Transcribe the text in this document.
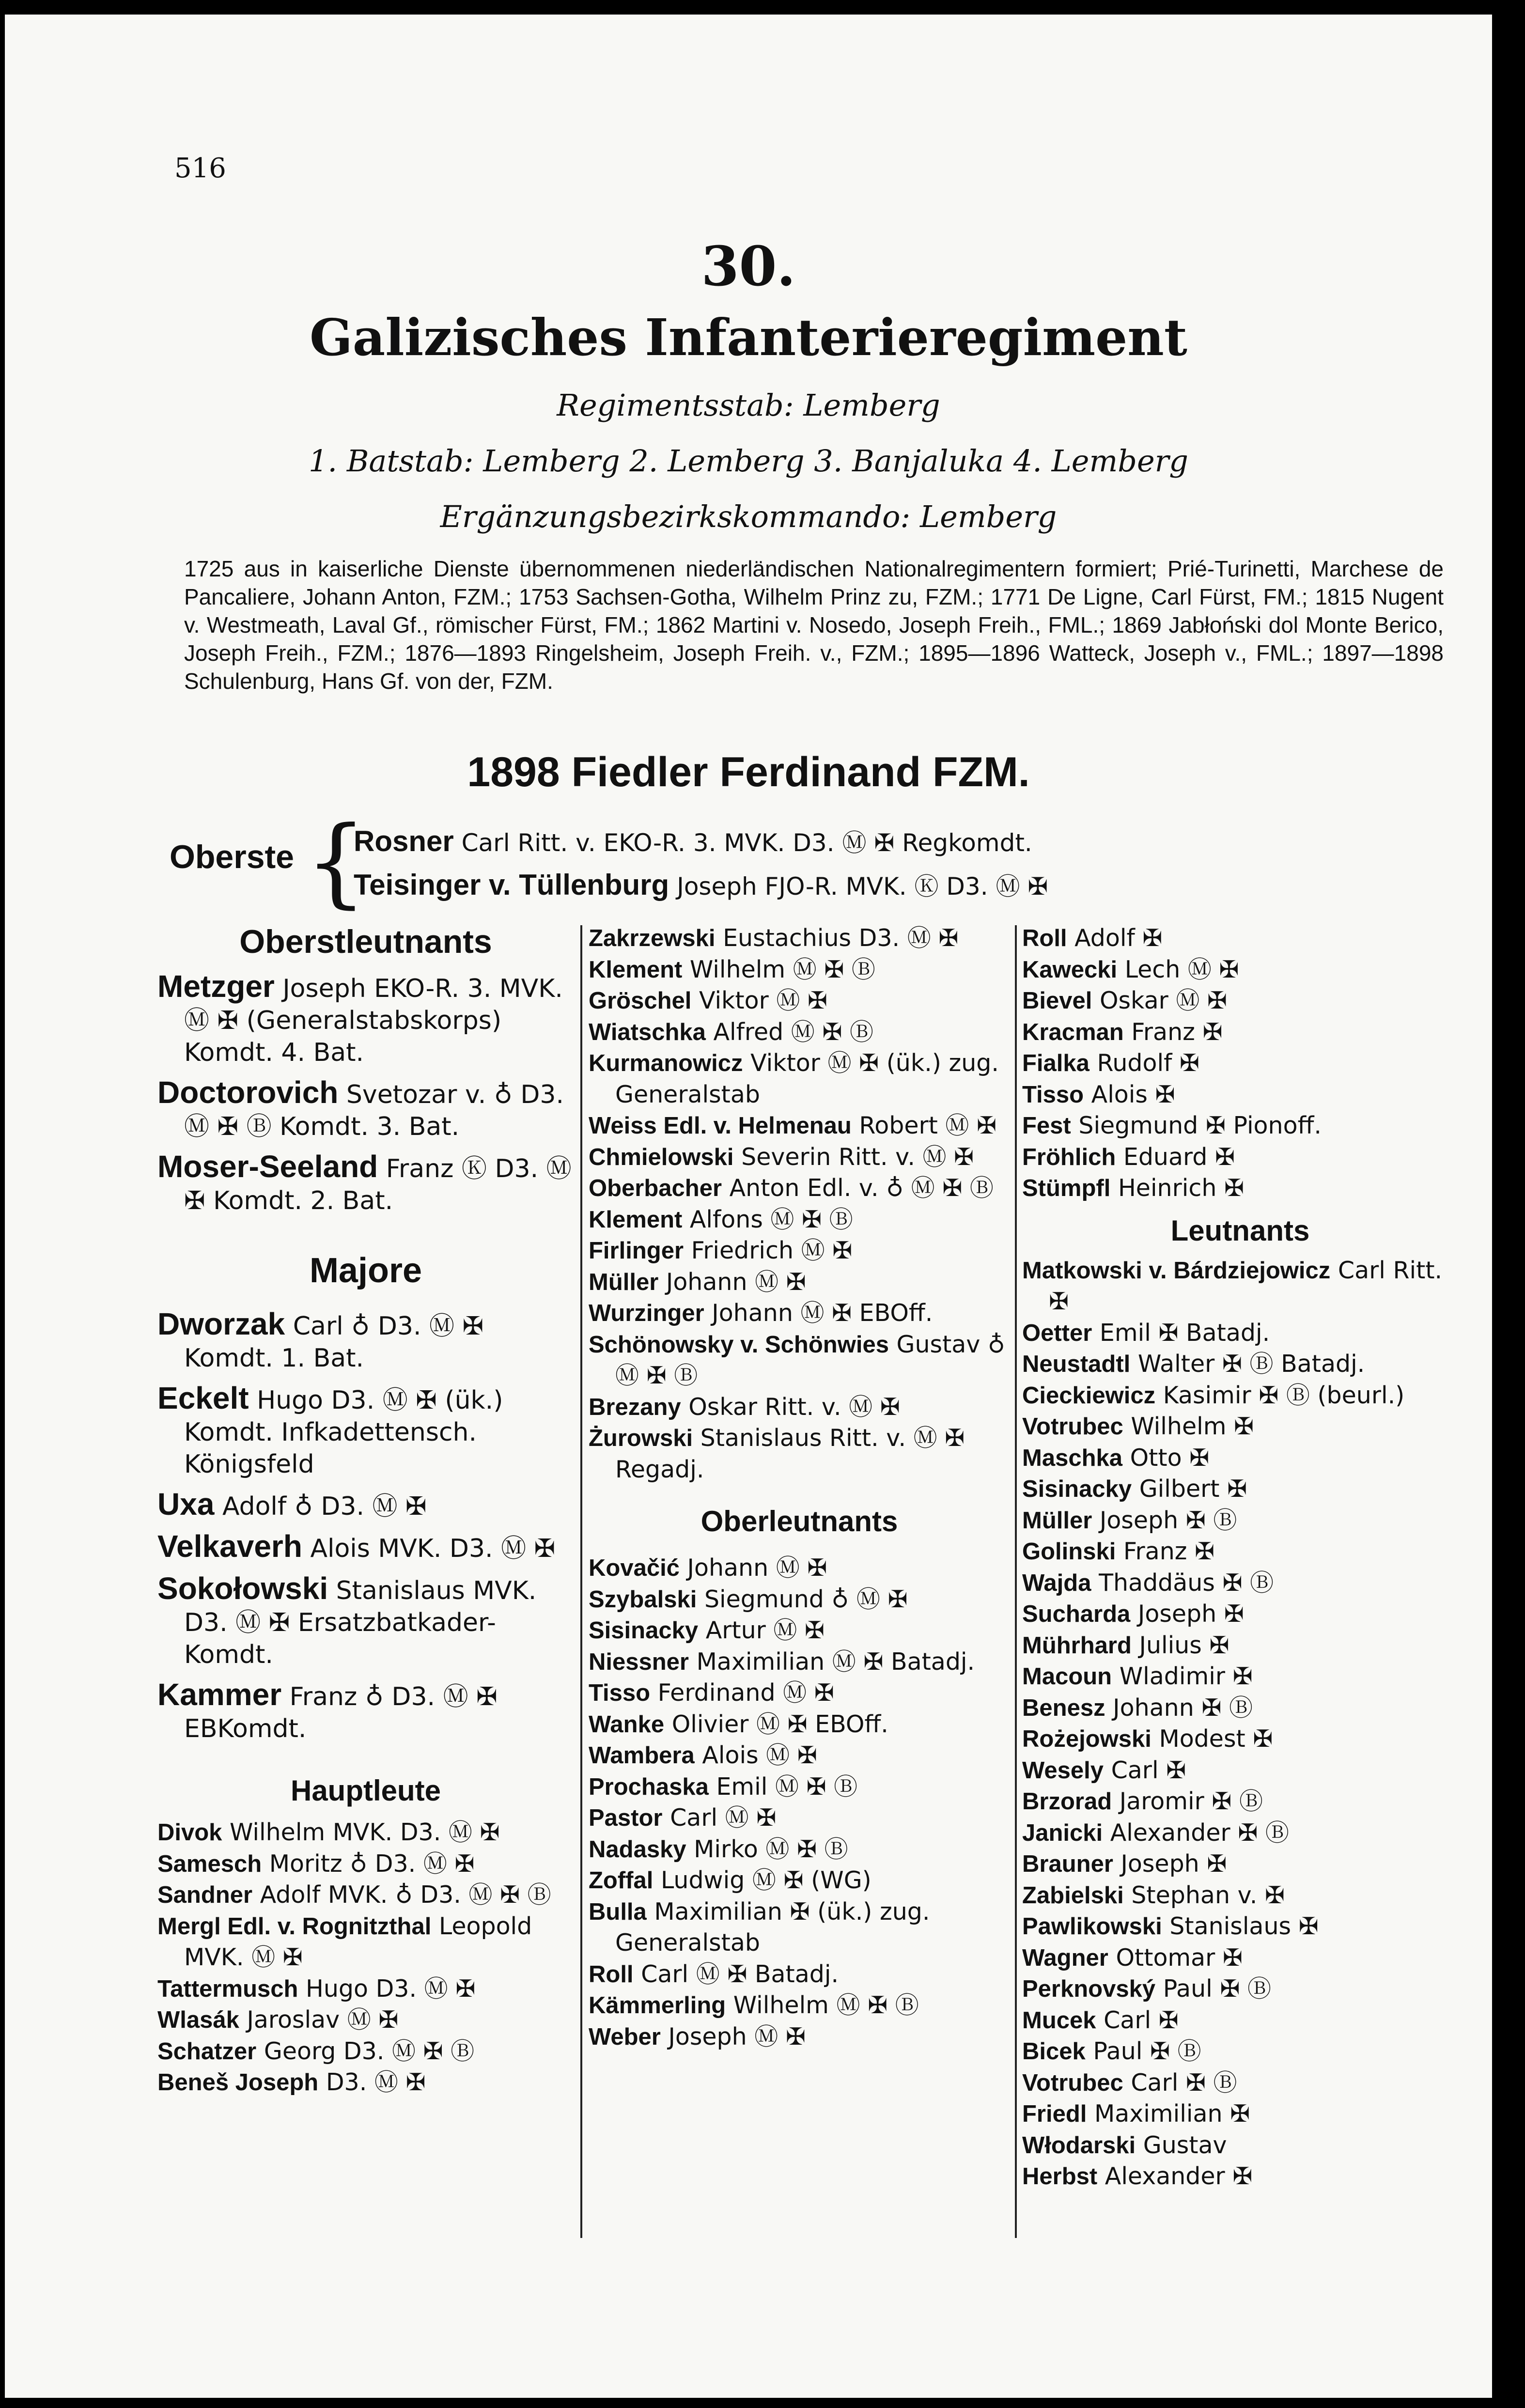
516
30.
Galizisches Infanterieregiment
Regimentsstab: Lemberg
1. Batstab: Lemberg 2. Lemberg 3. Banjaluka 4. Lemberg
Ergänzungsbezirkskommando: Lemberg
1725 aus in kaiserliche Dienste übernommenen niederländischen Nationalregimentern formiert; Prié-Turinetti, Marchese de Pancaliere, Johann Anton, FZM.; 1753 Sachsen-Gotha, Wilhelm Prinz zu, FZM.; 1771 De Ligne, Carl Fürst, FM.; 1815 Nugent v. Westmeath, Laval Gf., römischer Fürst, FM.; 1862 Martini v. Nosedo, Joseph Freih., FML.; 1869 Jabłoński dol Monte Berico, Joseph Freih., FZM.; 1876—1893 Ringelsheim, Joseph Freih. v., FZM.; 1895—1896 Watteck, Joseph v., FML.; 1897—1898 Schulenburg, Hans Gf. von der, FZM.
1898 Fiedler Ferdinand FZM.
Oberste {
Rosner Carl Ritt. v. EKO-R. 3. MVK. D3. Ⓜ ✠ Regkomdt.
Teisinger v. Tüllenburg Joseph FJO-R. MVK. Ⓚ D3. Ⓜ ✠
Oberstleutnants
Metzger Joseph EKO-R. 3. MVK. Ⓜ ✠ (Generalstabskorps) Komdt. 4. Bat.
Doctorovich Svetozar v. ♁ D3. Ⓜ ✠ Ⓑ Komdt. 3. Bat.
Moser-Seeland Franz Ⓚ D3. Ⓜ ✠ Komdt. 2. Bat.
Majore
Dworzak Carl ♁ D3. Ⓜ ✠ Komdt. 1. Bat.
Eckelt Hugo D3. Ⓜ ✠ (ük.) Komdt. Infkadettensch. Königsfeld
Uxa Adolf ♁ D3. Ⓜ ✠
Velkaverh Alois MVK. D3. Ⓜ ✠
Sokołowski Stanislaus MVK. D3. Ⓜ ✠ Ersatzbatkader-Komdt.
Kammer Franz ♁ D3. Ⓜ ✠ EBKomdt.
Hauptleute
Divok Wilhelm MVK. D3. Ⓜ ✠
Samesch Moritz ♁ D3. Ⓜ ✠
Sandner Adolf MVK. ♁ D3. Ⓜ ✠ Ⓑ
Mergl Edl. v. Rognitzthal Leopold MVK. Ⓜ ✠
Tattermusch Hugo D3. Ⓜ ✠
Wlasák Jaroslav Ⓜ ✠
Schatzer Georg D3. Ⓜ ✠ Ⓑ
Beneš Joseph D3. Ⓜ ✠
Zakrzewski Eustachius D3. Ⓜ ✠
Klement Wilhelm Ⓜ ✠ Ⓑ
Gröschel Viktor Ⓜ ✠
Wiatschka Alfred Ⓜ ✠ Ⓑ
Kurmanowicz Viktor Ⓜ ✠ (ük.) zug. Generalstab
Weiss Edl. v. Helmenau Robert Ⓜ ✠
Chmielowski Severin Ritt. v. Ⓜ ✠
Oberbacher Anton Edl. v. ♁ Ⓜ ✠ Ⓑ
Klement Alfons Ⓜ ✠ Ⓑ
Firlinger Friedrich Ⓜ ✠
Müller Johann Ⓜ ✠
Wurzinger Johann Ⓜ ✠ EBOff.
Schönowsky v. Schönwies Gustav ♁ Ⓜ ✠ Ⓑ
Brezany Oskar Ritt. v. Ⓜ ✠
Żurowski Stanislaus Ritt. v. Ⓜ ✠ Regadj.
Oberleutnants
Kovačić Johann Ⓜ ✠
Szybalski Siegmund ♁ Ⓜ ✠
Sisinacky Artur Ⓜ ✠
Niessner Maximilian Ⓜ ✠ Batadj.
Tisso Ferdinand Ⓜ ✠
Wanke Olivier Ⓜ ✠ EBOff.
Wambera Alois Ⓜ ✠
Prochaska Emil Ⓜ ✠ Ⓑ
Pastor Carl Ⓜ ✠
Nadasky Mirko Ⓜ ✠ Ⓑ
Zoffal Ludwig Ⓜ ✠ (WG)
Bulla Maximilian ✠ (ük.) zug. Generalstab
Roll Carl Ⓜ ✠ Batadj.
Kämmerling Wilhelm Ⓜ ✠ Ⓑ
Weber Joseph Ⓜ ✠
Roll Adolf ✠
Kawecki Lech Ⓜ ✠
Bievel Oskar Ⓜ ✠
Kracman Franz ✠
Fialka Rudolf ✠
Tisso Alois ✠
Fest Siegmund ✠ Pionoff.
Fröhlich Eduard ✠
Stümpfl Heinrich ✠
Leutnants
Matkowski v. Bárdziejowicz Carl Ritt. ✠
Oetter Emil ✠ Batadj.
Neustadtl Walter ✠ Ⓑ Batadj.
Cieckiewicz Kasimir ✠ Ⓑ (beurl.)
Votrubec Wilhelm ✠
Maschka Otto ✠
Sisinacky Gilbert ✠
Müller Joseph ✠ Ⓑ
Golinski Franz ✠
Wajda Thaddäus ✠ Ⓑ
Sucharda Joseph ✠
Mührhard Julius ✠
Macoun Wladimir ✠
Benesz Johann ✠ Ⓑ
Rożejowski Modest ✠
Wesely Carl ✠
Brzorad Jaromir ✠ Ⓑ
Janicki Alexander ✠ Ⓑ
Brauner Joseph ✠
Zabielski Stephan v. ✠
Pawlikowski Stanislaus ✠
Wagner Ottomar ✠
Perknovský Paul ✠ Ⓑ
Mucek Carl ✠
Bicek Paul ✠ Ⓑ
Votrubec Carl ✠ Ⓑ
Friedl Maximilian ✠
Włodarski Gustav
Herbst Alexander ✠
